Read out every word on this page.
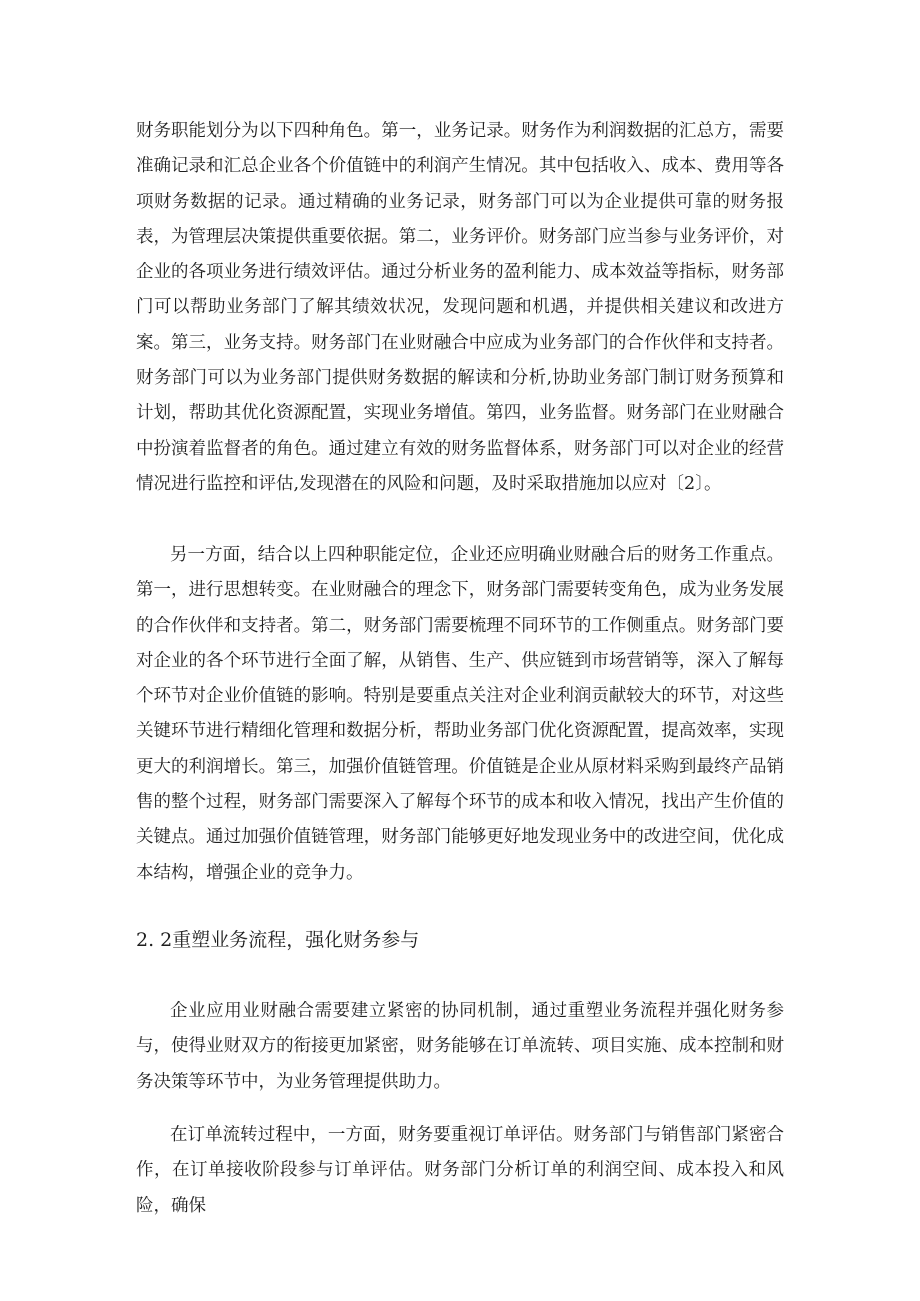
财务职能划分为以下四种角色。第一，业务记录。财务作为利润数据的汇总方，需要准确记录和汇总企业各个价值链中的利润产生情况。其中包括收入、成本、费用等各项财务数据的记录。通过精确的业务记录，财务部门可以为企业提供可靠的财务报表，为管理层决策提供重要依据。第二，业务评价。财务部门应当参与业务评价，对企业的各项业务进行绩效评估。通过分析业务的盈利能力、成本效益等指标，财务部门可以帮助业务部门了解其绩效状况，发现问题和机遇，并提供相关建议和改进方案。第三，业务支持。财务部门在业财融合中应成为业务部门的合作伙伴和支持者。财务部门可以为业务部门提供财务数据的解读和分析,协助业务部门制订财务预算和计划，帮助其优化资源配置，实现业务增值。第四，业务监督。财务部门在业财融合中扮演着监督者的角色。通过建立有效的财务监督体系，财务部门可以对企业的经营情况进行监控和评估,发现潜在的风险和问题，及时采取措施加以应对〔2〕。

另一方面，结合以上四种职能定位，企业还应明确业财融合后的财务工作重点。第一，进行思想转变。在业财融合的理念下，财务部门需要转变角色，成为业务发展的合作伙伴和支持者。第二，财务部门需要梳理不同环节的工作侧重点。财务部门要对企业的各个环节进行全面了解，从销售、生产、供应链到市场营销等，深入了解每个环节对企业价值链的影响。特别是要重点关注对企业利润贡献较大的环节，对这些关键环节进行精细化管理和数据分析，帮助业务部门优化资源配置，提高效率，实现更大的利润增长。第三，加强价值链管理。价值链是企业从原材料采购到最终产品销售的整个过程，财务部门需要深入了解每个环节的成本和收入情况，找出产生价值的关键点。通过加强价值链管理，财务部门能够更好地发现业务中的改进空间，优化成本结构，增强企业的竞争力。

2. 2重塑业务流程，强化财务参与

企业应用业财融合需要建立紧密的协同机制，通过重塑业务流程并强化财务参与，使得业财双方的衔接更加紧密，财务能够在订单流转、项目实施、成本控制和财务决策等环节中，为业务管理提供助力。

在订单流转过程中，一方面，财务要重视订单评估。财务部门与销售部门紧密合作，在订单接收阶段参与订单评估。财务部门分析订单的利润空间、成本投入和风险，确保
